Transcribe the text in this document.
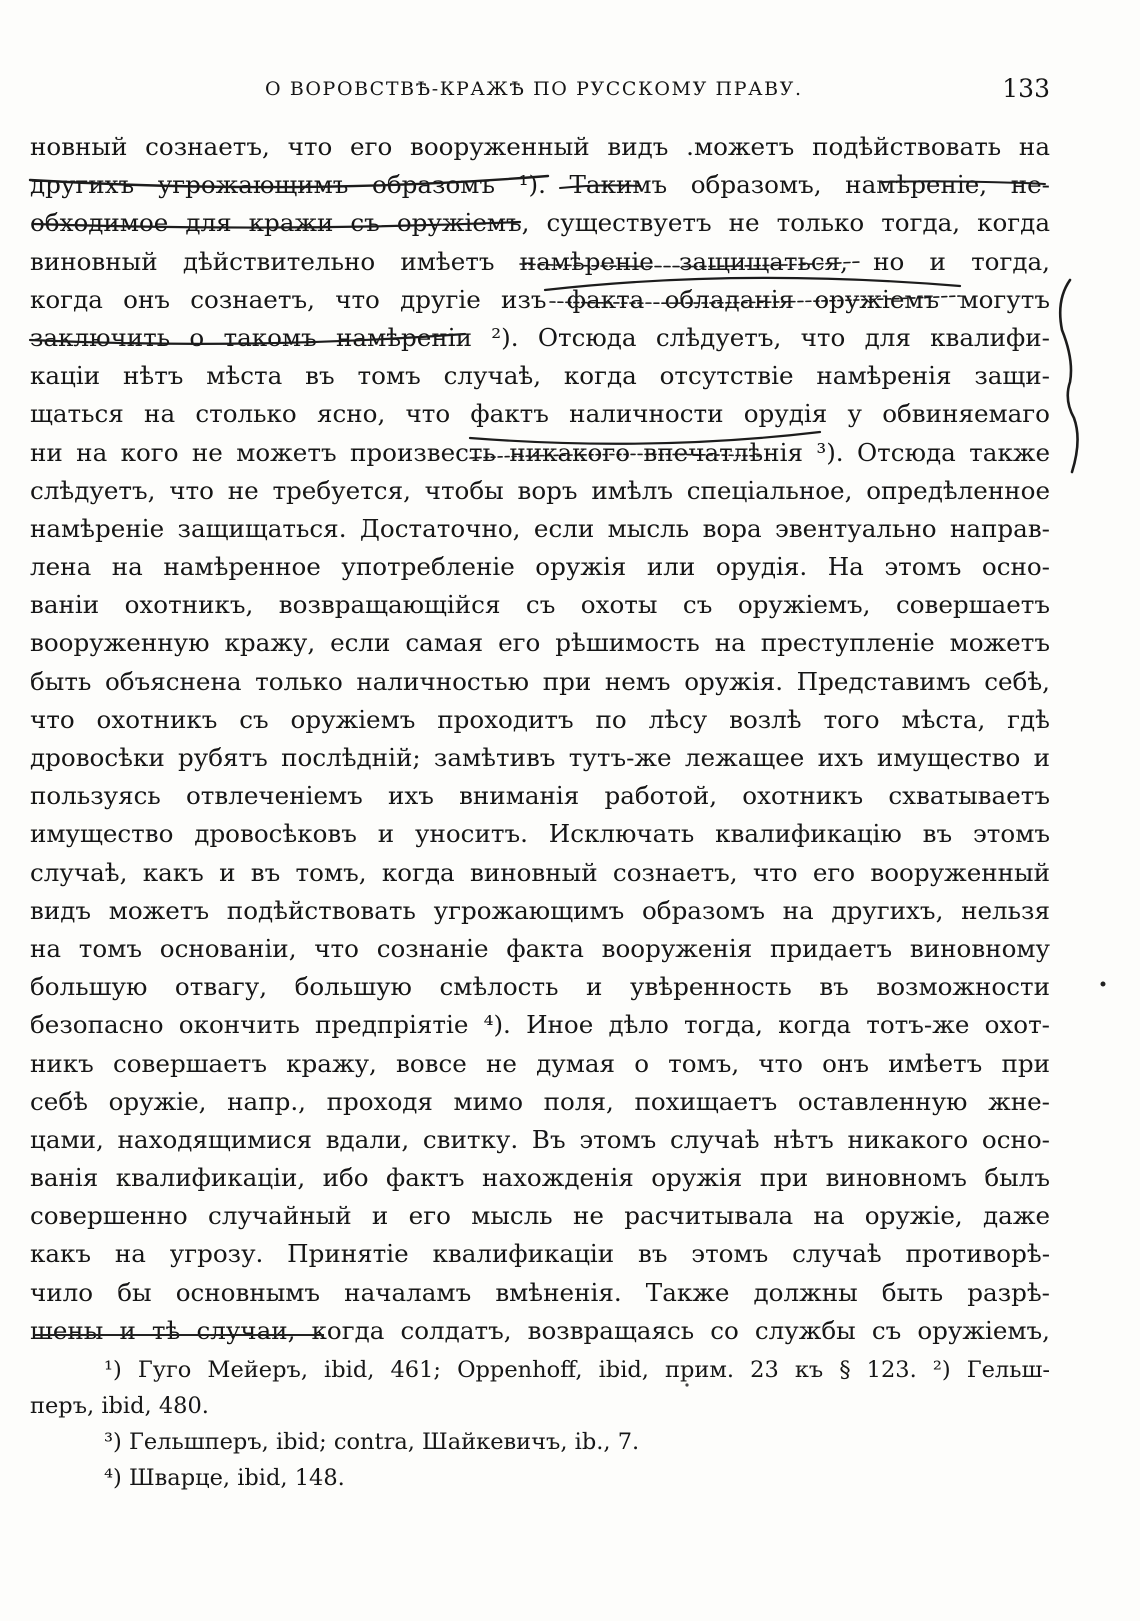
О ВОРОВСТВѢ-КРАЖѢ ПО РУССКОМУ ПРАВУ.	133
новный сознаетъ, что его вооруженный видъ .можетъ подѣйствовать на
другихъ угрожающимъ образомъ ¹). Такимъ образомъ, намѣреніе, не-
обходимое для кражи съ оружіемъ, существуетъ не только тогда, когда
виновный дѣйствительно имѣетъ намѣреніе защищаться, но и тогда,
когда онъ сознаетъ, что другіе изъ факта обладанія оружіемъ могутъ
заключить о такомъ намѣреніи ²). Отсюда слѣдуетъ, что для квалифи-
каціи нѣтъ мѣста въ томъ случаѣ, когда отсутствіе намѣренія защи-
щаться на столько ясно, что фактъ наличности орудія у обвиняемаго
ни на кого не можетъ произвесть никакого впечатлѣнія ³). Отсюда также
слѣдуетъ, что не требуется, чтобы воръ имѣлъ спеціальное, опредѣленное
намѣреніе защищаться. Достаточно, если мысль вора эвентуально направ-
лена на намѣренное употребленіе оружія или орудія. На этомъ осно-
ваніи охотникъ, возвращающійся съ охоты съ оружіемъ, совершаетъ
вооруженную кражу, если самая его рѣшимость на преступленіе можетъ
быть объяснена только наличностью при немъ оружія. Представимъ себѣ,
что охотникъ съ оружіемъ проходитъ по лѣсу возлѣ того мѣста, гдѣ
дровосѣки рубятъ послѣдній; замѣтивъ тутъ-же лежащее ихъ имущество и
пользуясь отвлеченіемъ ихъ вниманія работой, охотникъ схватываетъ
имущество дровосѣковъ и уноситъ. Исключать квалификацію въ этомъ
случаѣ, какъ и въ томъ, когда виновный сознаетъ, что его вооруженный
видъ можетъ подѣйствовать угрожающимъ образомъ на другихъ, нельзя
на томъ основаніи, что сознаніе факта вооруженія придаетъ виновному
большую отвагу, большую смѣлость и увѣренность въ возможности
безопасно окончить предпріятіе ⁴). Иное дѣло тогда, когда тотъ-же охот-
никъ совершаетъ кражу, вовсе не думая о томъ, что онъ имѣетъ при
себѣ оружіе, напр., проходя мимо поля, похищаетъ оставленную жне-
цами, находящимися вдали, свитку. Въ этомъ случаѣ нѣтъ никакого осно-
ванія квалификаціи, ибо фактъ нахожденія оружія при виновномъ былъ
совершенно случайный и его мысль не расчитывала на оружіе, даже
какъ на угрозу. Принятіе квалификаціи въ этомъ случаѣ противорѣ-
чило бы основнымъ началамъ вмѣненія. Также должны быть разрѣ-
шены и тѣ случаи, когда солдатъ, возвращаясь со службы съ оружіемъ,
¹) Гуго Мейеръ, ibid, 461; Oppenhoff, ibid, прим. 23 къ § 123. ²) Гельш-
перъ, ibid, 480.
³) Гельшперъ, ibid; contra, Шайкевичъ, ib., 7.
⁴) Шварце, ibid, 148.
